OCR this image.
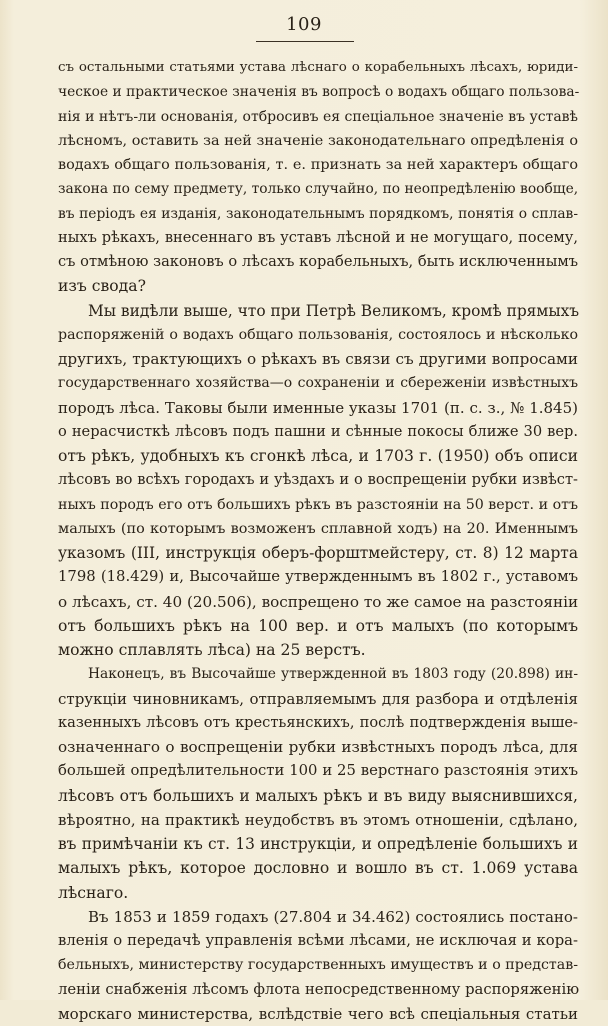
109
съ остальными статьями устава лѣснаго о корабельныхъ лѣсахъ, юриди-
ческое и практическое значенія въ вопросѣ о водахъ общаго пользова-
нія и нѣтъ-ли основанія, отбросивъ ея спеціальное значеніе въ уставѣ
лѣсномъ, оставить за ней значеніе законодательнаго опредѣленія о
водахъ общаго пользованія, т. е. признать за ней характеръ общаго
закона по сему предмету, только случайно, по неопредѣленію вообще,
въ періодъ ея изданія, законодательнымъ порядкомъ, понятія о сплав-
ныхъ рѣкахъ, внесеннаго въ уставъ лѣсной и не могущаго, посему,
съ отмѣною законовъ о лѣсахъ корабельныхъ, быть исключеннымъ
изъ свода?
Мы видѣли выше, что при Петрѣ Великомъ, кромѣ прямыхъ
распоряженій о водахъ общаго пользованія, состоялось и нѣсколько
другихъ, трактующихъ о рѣкахъ въ связи съ другими вопросами
государственнаго хозяйства—о сохраненіи и сбереженіи извѣстныхъ
породъ лѣса. Таковы были именные указы 1701 (п. с. з., № 1.845)
о нерасчисткѣ лѣсовъ подъ пашни и сѣнные покосы ближе 30 вер.
отъ рѣкъ, удобныхъ къ сгонкѣ лѣса, и 1703 г. (1950) объ описи
лѣсовъ во всѣхъ городахъ и уѣздахъ и о воспрещеніи рубки извѣст-
ныхъ породъ его отъ большихъ рѣкъ въ разстояніи на 50 верст. и отъ
малыхъ (по которымъ возможенъ сплавной ходъ) на 20. Именнымъ
указомъ (III, инструкція оберъ-форштмейстеру, ст. 8) 12 марта
1798 (18.429) и, Высочайше утвержденнымъ въ 1802 г., уставомъ
о лѣсахъ, ст. 40 (20.506), воспрещено то же самое на разстояніи
отъ большихъ рѣкъ на 100 вер. и отъ малыхъ (по которымъ
можно сплавлять лѣса) на 25 верстъ.
Наконецъ, въ Высочайше утвержденной въ 1803 году (20.898) ин-
струкціи чиновникамъ, отправляемымъ для разбора и отдѣленія
казенныхъ лѣсовъ отъ крестьянскихъ, послѣ подтвержденія выше-
означеннаго о воспрещеніи рубки извѣстныхъ породъ лѣса, для
большей опредѣлительности 100 и 25 верстнаго разстоянія этихъ
лѣсовъ отъ большихъ и малыхъ рѣкъ и въ виду выяснившихся,
вѣроятно, на практикѣ неудобствъ въ этомъ отношеніи, сдѣлано,
въ примѣчаніи къ ст. 13 инструкціи, и опредѣленіе большихъ и
малыхъ рѣкъ, которое дословно и вошло въ ст. 1.069 устава
лѣснаго.
Въ 1853 и 1859 годахъ (27.804 и 34.462) состоялись постано-
вленія о передачѣ управленія всѣми лѣсами, не исключая и кора-
бельныхъ, министерству государственныхъ имуществъ и о представ-
леніи снабженія лѣсомъ флота непосредственному распоряженію
морскаго министерства, вслѣдствіе чего всѣ спеціальныя статьи
